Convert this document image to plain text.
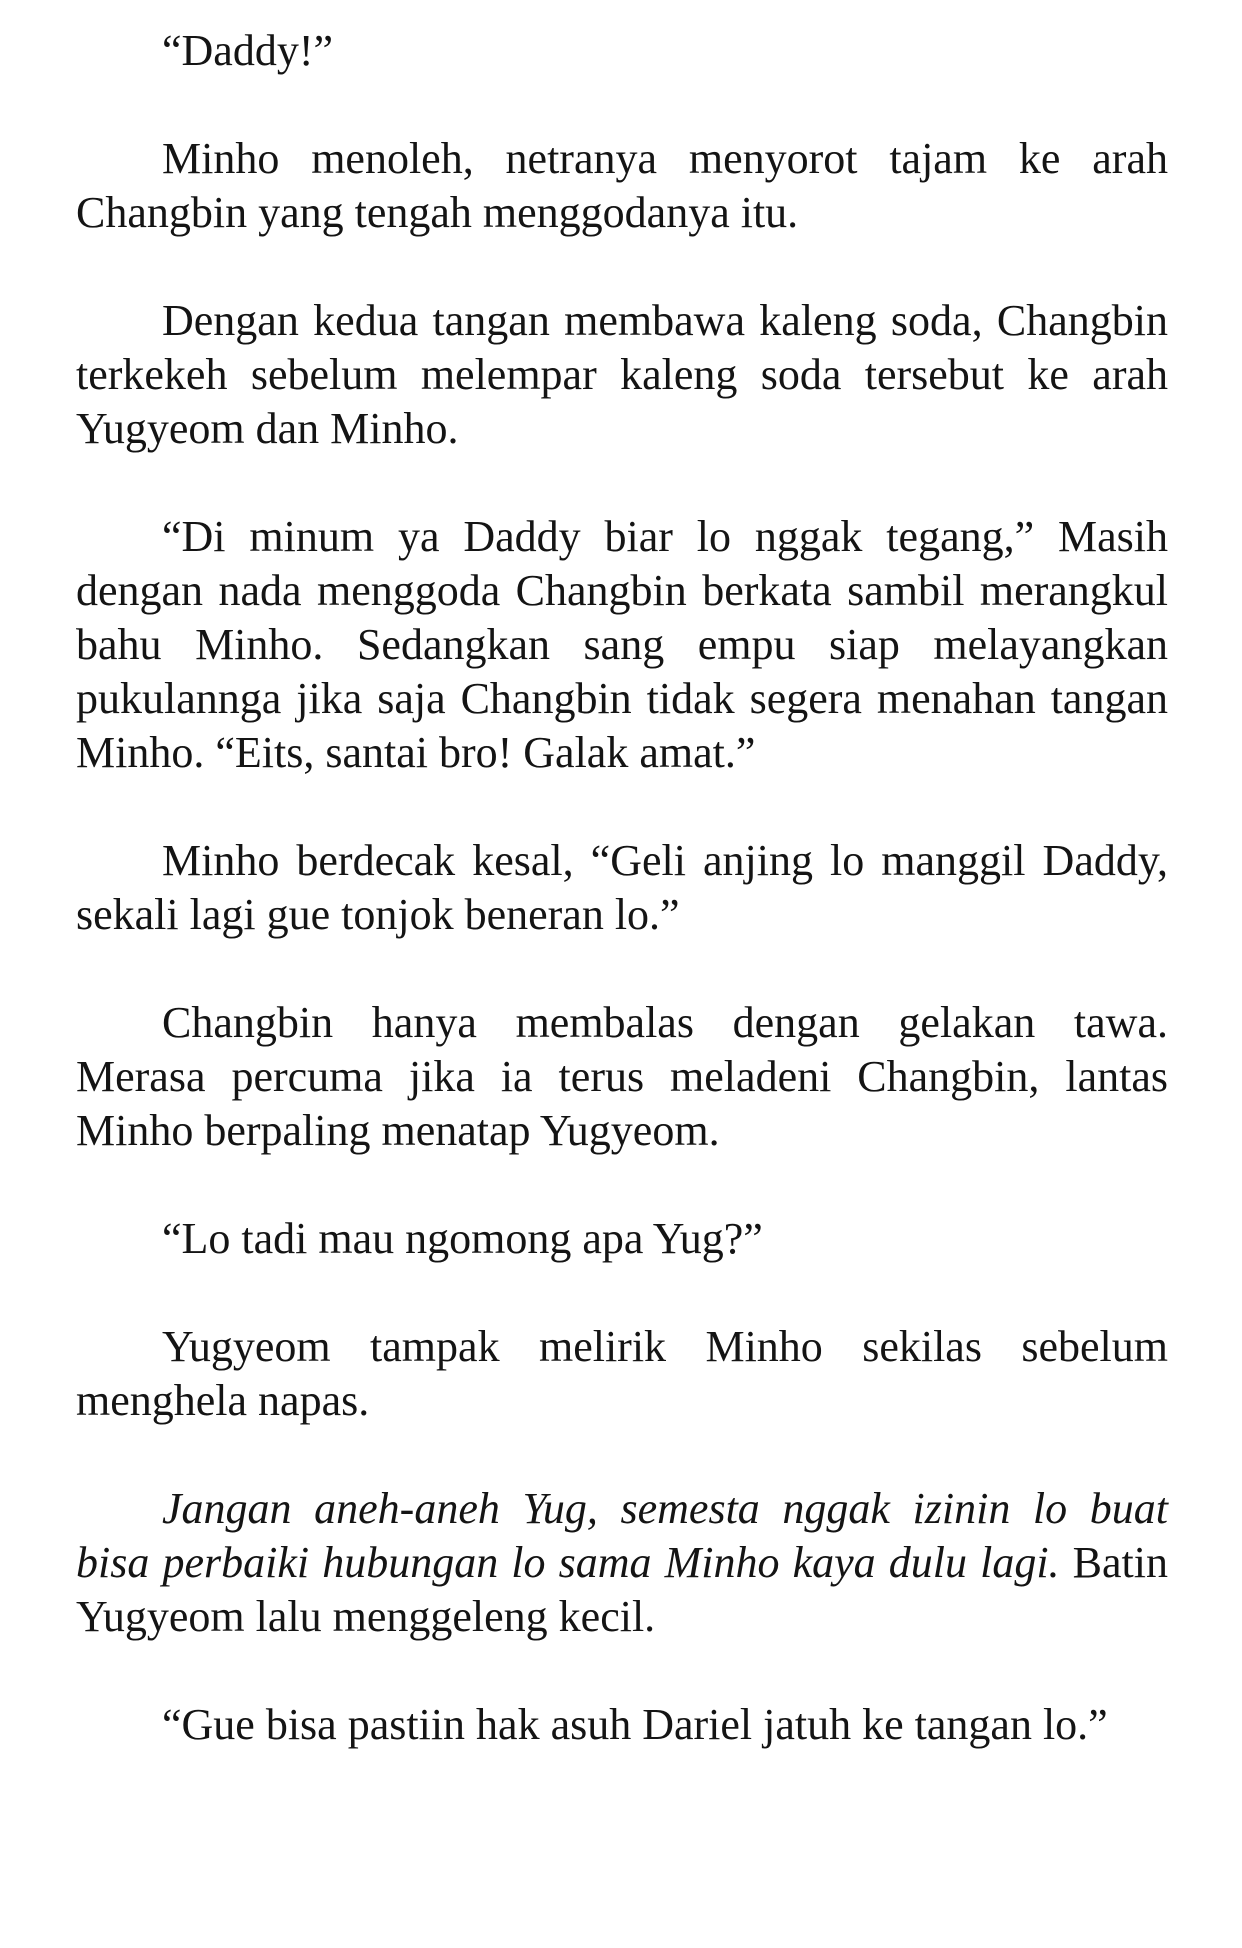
“Daddy!”

Minho menoleh, netranya menyorot tajam ke arah Changbin yang tengah menggodanya itu.

Dengan kedua tangan membawa kaleng soda, Changbin terkekeh sebelum melempar kaleng soda tersebut ke arah Yugyeom dan Minho.

“Di minum ya Daddy biar lo nggak tegang,” Masih dengan nada menggoda Changbin berkata sambil merangkul bahu Minho. Sedangkan sang empu siap melayangkan pukulannga jika saja Changbin tidak segera menahan tangan Minho. “Eits, santai bro! Galak amat.”

Minho berdecak kesal, “Geli anjing lo manggil Daddy, sekali lagi gue tonjok beneran lo.”

Changbin hanya membalas dengan gelakan tawa. Merasa percuma jika ia terus meladeni Changbin, lantas Minho berpaling menatap Yugyeom.

“Lo tadi mau ngomong apa Yug?”

Yugyeom tampak melirik Minho sekilas sebelum menghela napas.

Jangan aneh-aneh Yug, semesta nggak izinin lo buat bisa perbaiki hubungan lo sama Minho kaya dulu lagi. Batin Yugyeom lalu menggeleng kecil.

“Gue bisa pastiin hak asuh Dariel jatuh ke tangan lo.”
